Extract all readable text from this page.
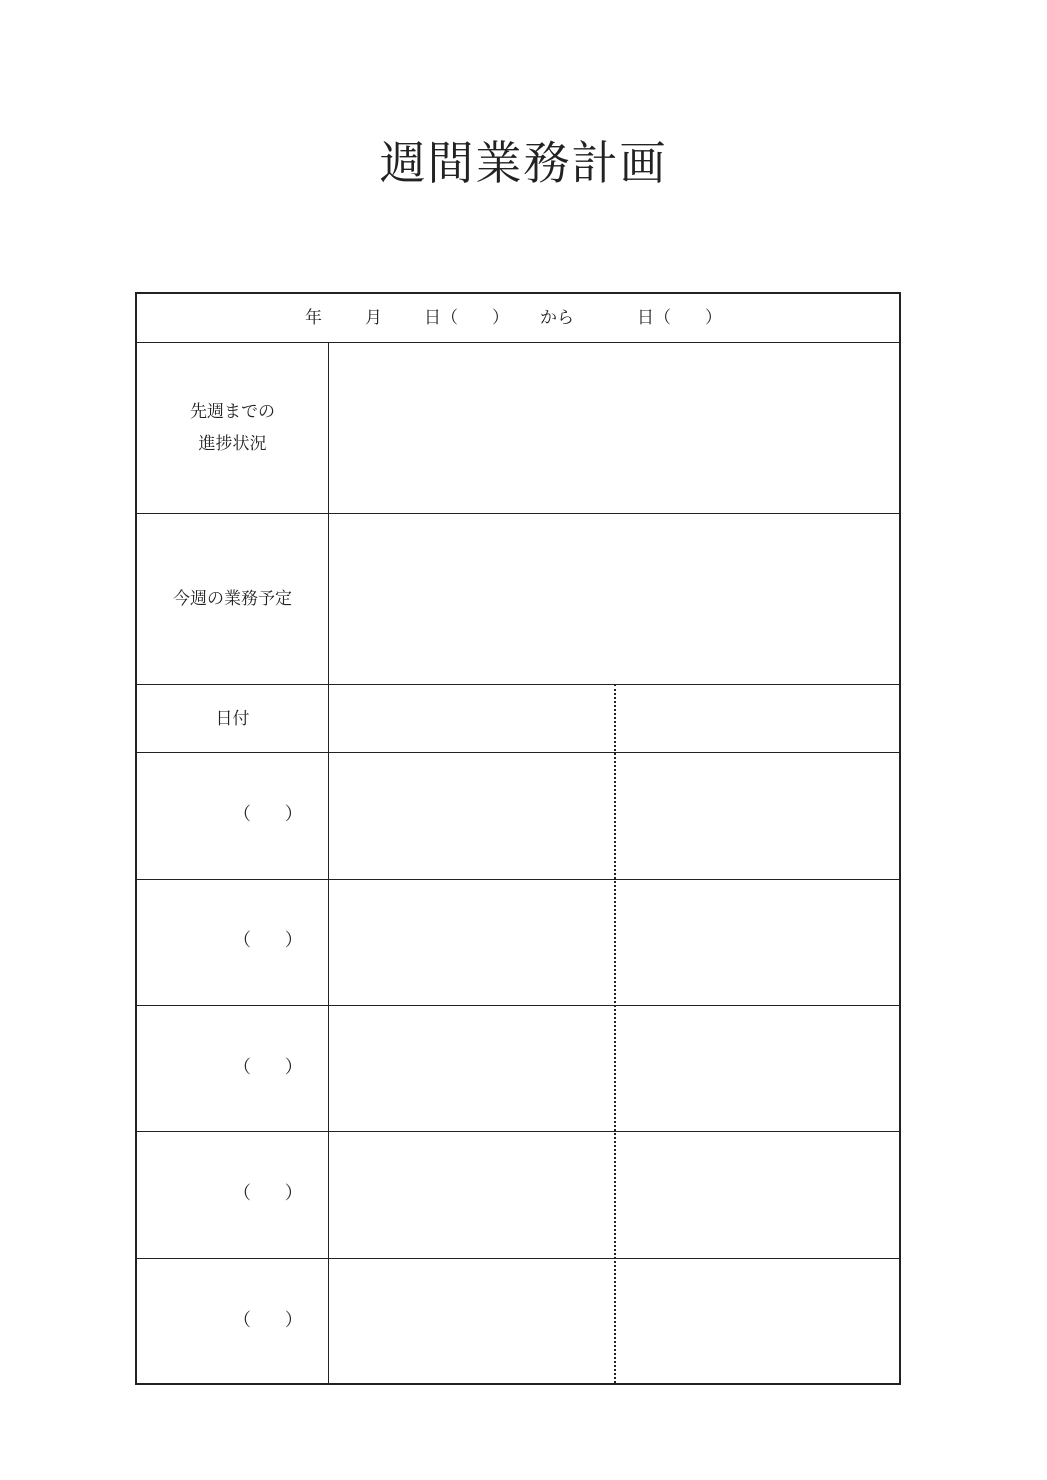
週間業務計画
年	月 日（　　） から	日（　　）
先週までの
進捗状況
今週の業務予定
日付
（ ）
（ ）
（ ）
（ ）
（ ）
